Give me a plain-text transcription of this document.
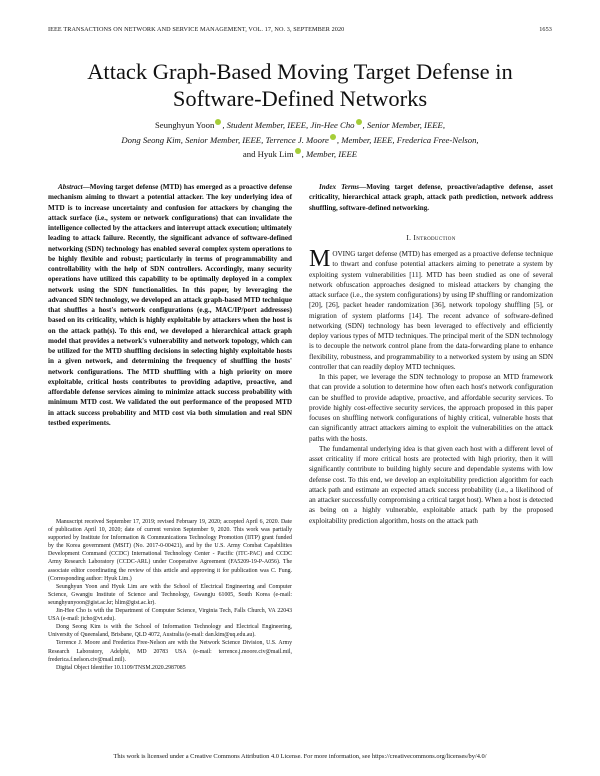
IEEE TRANSACTIONS ON NETWORK AND SERVICE MANAGEMENT, VOL. 17, NO. 3, SEPTEMBER 2020	1653
Attack Graph-Based Moving Target Defense in
Software-Defined Networks
Seunghyun Yoon , Student Member, IEEE, Jin-Hee Cho , Senior Member, IEEE,
Dong Seong Kim, Senior Member, IEEE, Terrence J. Moore , Member, IEEE, Frederica Free-Nelson,
and Hyuk Lim , Member, IEEE
Abstract—Moving target defense (MTD) has emerged as a proactive defense mechanism aiming to thwart a potential attacker. The key underlying idea of MTD is to increase uncertainty and confusion for attackers by changing the attack surface (i.e., system or network configurations) that can invalidate the intelligence collected by the attackers and interrupt attack execution; ultimately leading to attack failure. Recently, the significant advance of software-defined networking (SDN) technology has enabled several complex system operations to be highly flexible and robust; particularly in terms of programmability and controllability with the help of SDN controllers. Accordingly, many security operations have utilized this capability to be optimally deployed in a complex network using the SDN functionalities. In this paper, by leveraging the advanced SDN technology, we developed an attack graph-based MTD technique that shuffles a host's network configurations (e.g., MAC/IP/port addresses) based on its criticality, which is highly exploitable by attackers when the host is on the attack path(s). To this end, we developed a hierarchical attack graph model that provides a network's vulnerability and network topology, which can be utilized for the MTD shuffling decisions in selecting highly exploitable hosts in a given network, and determining the frequency of shuffling the hosts' network configurations. The MTD shuffling with a high priority on more exploitable, critical hosts contributes to providing adaptive, proactive, and affordable defense services aiming to minimize attack success probability with minimum MTD cost. We validated the out performance of the proposed MTD in attack success probability and MTD cost via both simulation and real SDN testbed experiments.

Manuscript received September 17, 2019; revised February 19, 2020; accepted April 6, 2020. Date of publication April 10, 2020; date of current version September 9, 2020. This work was partially supported by Institute for Information & Communications Technology Promotion (IITP) grant funded by the Korea government (MSIT) (No. 2017-0-00421), and by the U.S. Army Combat Capabilities Development Command (CCDC) International Technology Center - Pacific (ITC-PAC) and CCDC Army Research Laboratory (CCDC-ARL) under Cooperative Agreement (FA5209-19-P-A056). The associate editor coordinating the review of this article and approving it for publication was C. Fung. (Corresponding author: Hyuk Lim.)

Seunghyun Yoon and Hyuk Lim are with the School of Electrical Engineering and Computer Science, Gwangju Institute of Science and Technology, Gwangju 61005, South Korea (e-mail: seunghyunyoon@gist.ac.kr; hlim@gist.ac.kr).

Jin-Hee Cho is with the Department of Computer Science, Virginia Tech, Falls Church, VA 22043 USA (e-mail: jicho@vt.edu).

Dong Seong Kim is with the School of Information Technology and Electrical Engineering, University of Queensland, Brisbane, QLD 4072, Australia (e-mail: dan.kim@uq.edu.au).

Terrence J. Moore and Frederica Free-Nelson are with the Network Science Division, U.S. Army Research Laboratory, Adelphi, MD 20783 USA (e-mail: terrence.j.moore.civ@mail.mil, frederica.f.nelson.civ@mail.mil).

Digital Object Identifier 10.1109/TNSM.2020.2987085

Index Terms—Moving target defense, proactive/adaptive defense, asset criticality, hierarchical attack graph, attack path prediction, network address shuffling, software-defined networking.
I. Introduction

MOVING target defense (MTD) has emerged as a proactive defense technique to thwart and confuse potential attackers aiming to penetrate a system by exploiting system vulnerabilities [11]. MTD has been studied as one of several network obfuscation approaches designed to mislead attackers by changing the attack surface (i.e., the system configurations) by using IP shuffling or randomization [20], [26], packet header randomization [36], network topology shuffling [5], or migration of system platforms [14]. The recent advance of software-defined networking (SDN) technology has been leveraged to effectively and efficiently deploy various types of MTD techniques. The principal merit of the SDN technology is to decouple the network control plane from the data-forwarding plane to enhance flexibility, robustness, and programmability to a networked system by using an SDN controller that can readily deploy MTD techniques.

In this paper, we leverage the SDN technology to propose an MTD framework that can provide a solution to determine how often each host's network configuration can be shuffled to provide adaptive, proactive, and affordable security services. To provide highly cost-effective security services, the approach proposed in this paper focuses on shuffling network configurations of highly critical, vulnerable hosts that can significantly attract attackers aiming to exploit the vulnerabilities on the attack paths with the hosts.

The fundamental underlying idea is that given each host with a different level of asset criticality if more critical hosts are protected with high priority, then it will significantly contribute to building highly secure and dependable systems with low defense cost. To this end, we develop an exploitability prediction algorithm for each attack path and estimate an expected attack success probability (i.e., a likelihood of an attacker successfully compromising a critical target host). When a host is detected as being on a highly vulnerable, exploitable attack path by the proposed exploitability prediction algorithm, hosts on the attack path

This work is licensed under a Creative Commons Attribution 4.0 License. For more information, see https://creativecommons.org/licenses/by/4.0/
